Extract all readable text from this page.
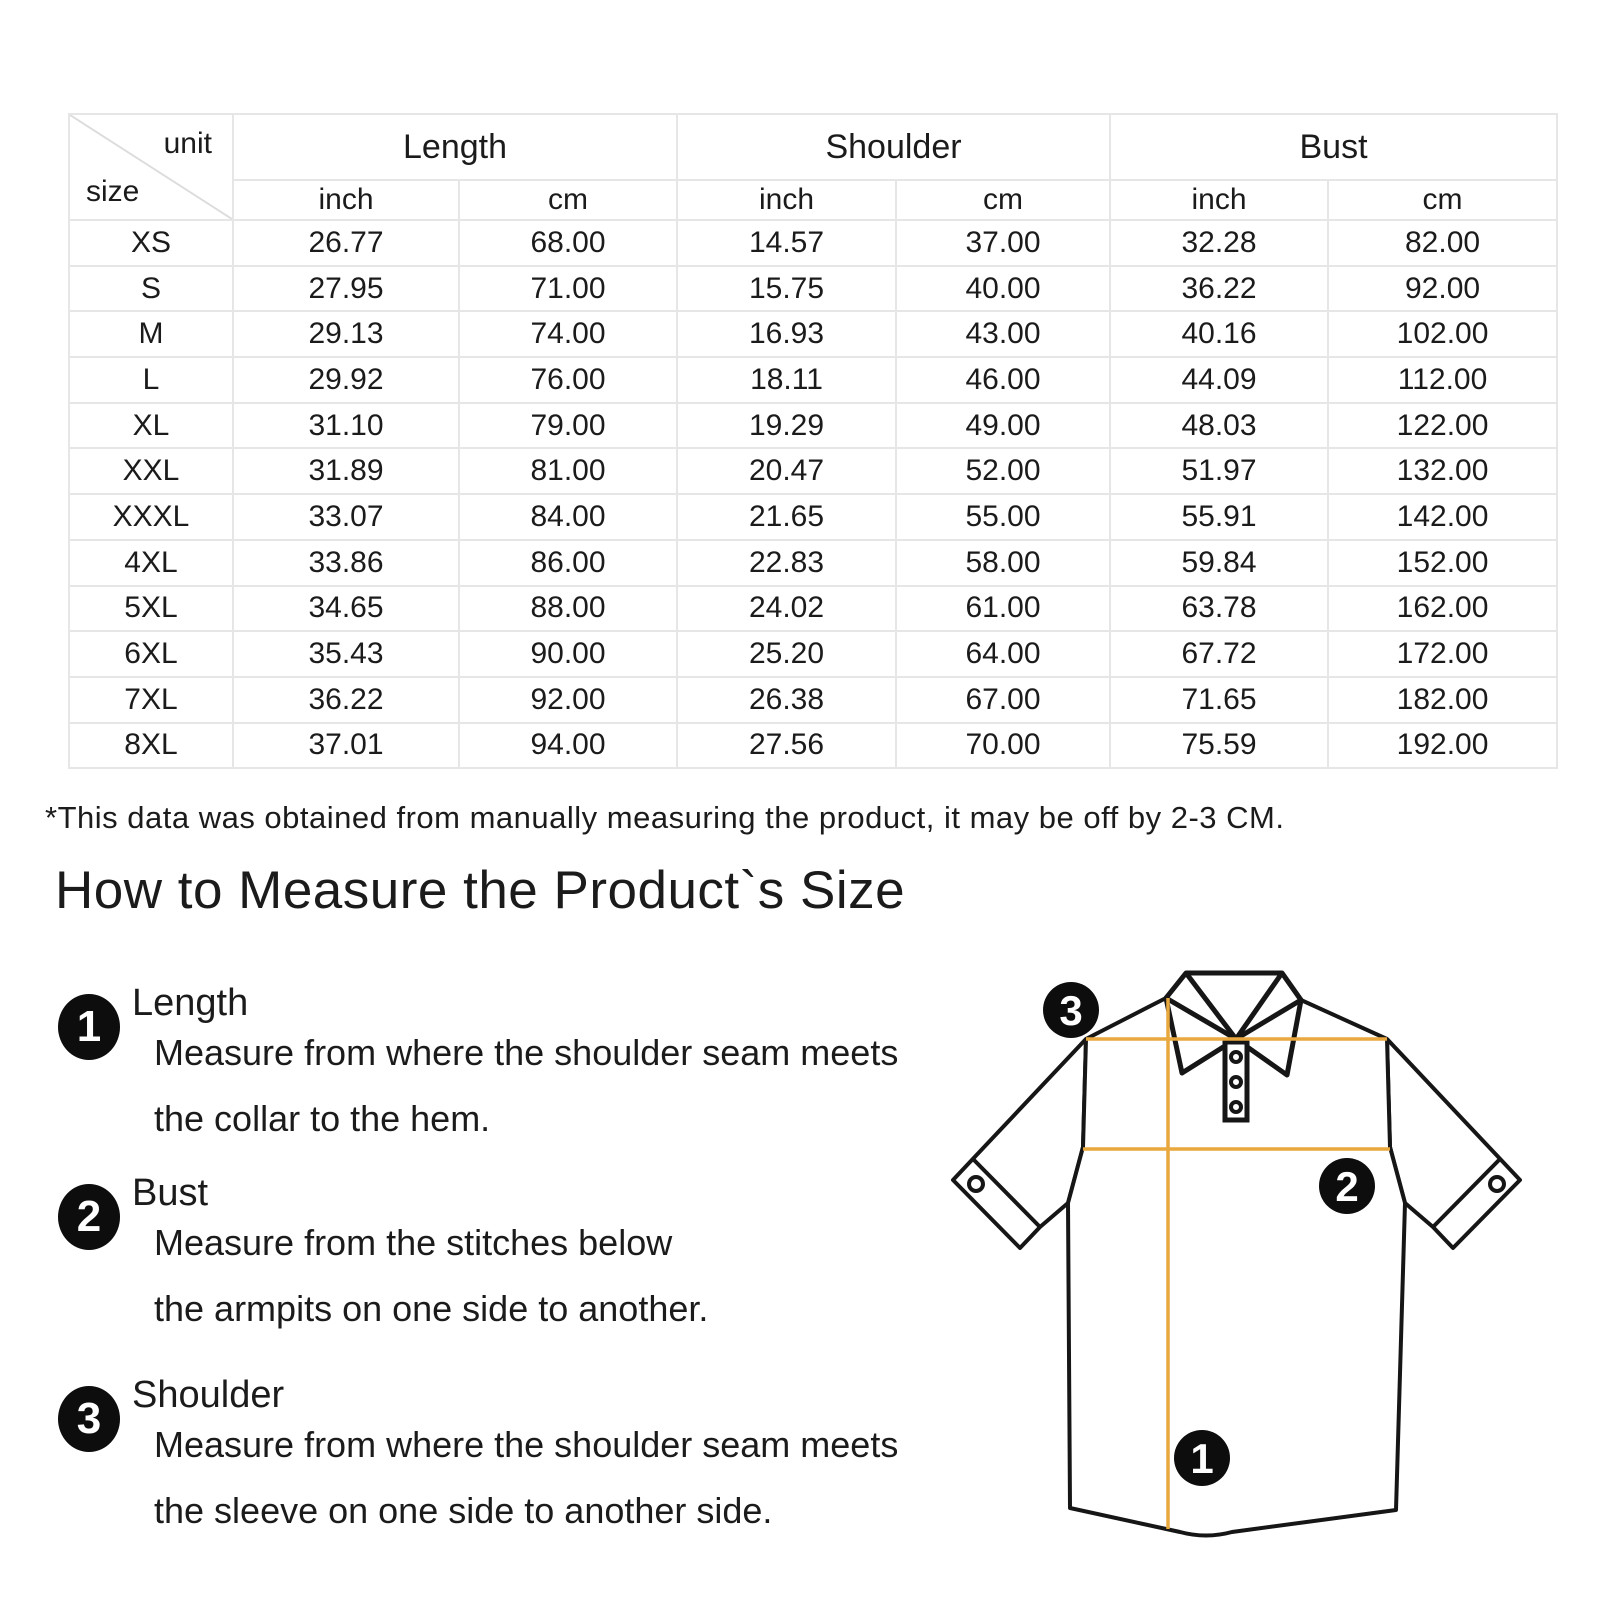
unit
size	Length		Shoulder		Bust	
	inch	cm	inch	cm	inch	cm
XS	26.77	68.00	14.57	37.00	32.28	82.00
S	27.95	71.00	15.75	40.00	36.22	92.00
M	29.13	74.00	16.93	43.00	40.16	102.00
L	29.92	76.00	18.11	46.00	44.09	112.00
XL	31.10	79.00	19.29	49.00	48.03	122.00
XXL	31.89	81.00	20.47	52.00	51.97	132.00
XXXL	33.07	84.00	21.65	55.00	55.91	142.00
4XL	33.86	86.00	22.83	58.00	59.84	152.00
5XL	34.65	88.00	24.02	61.00	63.78	162.00
6XL	35.43	90.00	25.20	64.00	67.72	172.00
7XL	36.22	92.00	26.38	67.00	71.65	182.00
8XL	37.01	94.00	27.56	70.00	75.59	192.00

*This data was obtained from manually measuring the product, it may be off by 2-3 CM.

How to Measure the Product`s Size
1 Length
Measure from where the shoulder seam meets
the collar to the hem.
2 Bust
Measure from the stitches below
the armpits on one side to another.
3 Shoulder
Measure from where the shoulder seam meets
the sleeve on one side to another side.
3
2
1
